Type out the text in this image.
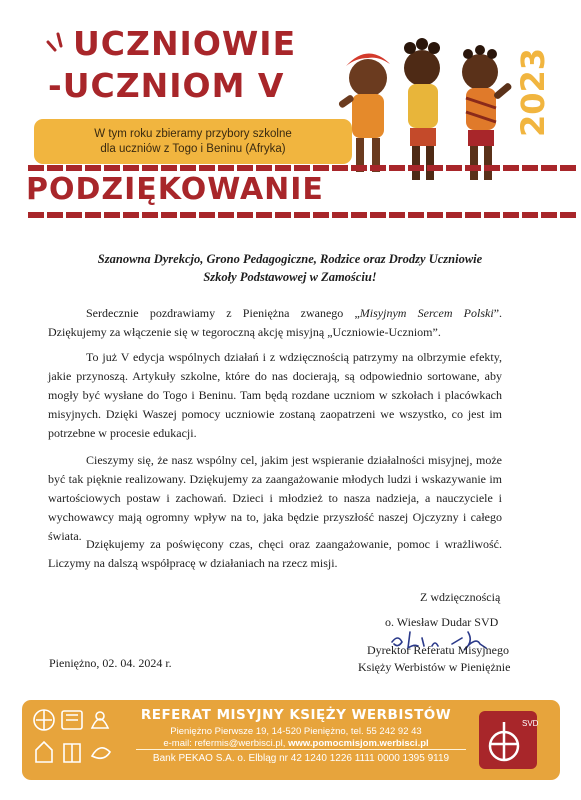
UCZNIOWIE
-UCZNIOM V
W tym roku zbieramy przybory szkolne
dla uczniów z Togo i Beninu (Afryka)
2023
PODZIĘKOWANIE
Szanowna Dyrekcjo, Grono Pedagogiczne, Rodzice oraz Drodzy Uczniowie
Szkoły Podstawowej w Zamościu!

Serdecznie pozdrawiamy z Pieniężna zwanego „Misyjnym Sercem Polski”. Dziękujemy za włączenie się w tegoroczną akcję misyjną „Uczniowie-Uczniom”.

To już V edycja wspólnych działań i z wdzięcznością patrzymy na olbrzymie efekty, jakie przynoszą. Artykuły szkolne, które do nas docierają, są odpowiednio sortowane, aby mogły być wysłane do Togo i Beninu. Tam będą rozdane uczniom w szkołach i placówkach misyjnych. Dzięki Waszej pomocy uczniowie zostaną zaopatrzeni we wszystko, co jest im potrzebne w procesie edukacji.

Cieszymy się, że nasz wspólny cel, jakim jest wspieranie działalności misyjnej, może być tak pięknie realizowany. Dziękujemy za zaangażowanie młodych ludzi i wskazywanie im wartościowych postaw i zachowań. Dzieci i młodzież to nasza nadzieja, a nauczyciele i wychowawcy mają ogromny wpływ na to, jaka będzie przyszłość naszej Ojczyzny i całego świata.

Dziękujemy za poświęcony czas, chęci oraz zaangażowanie, pomoc i wrażliwość. Liczymy na dalszą współpracę w działaniach na rzecz misji.

Z wdzięcznością
o. Wiesław Dudar SVD
Dyrektor Referatu Misyjnego
Księży Werbistów w Pieniężnie
Pieniężno, 02. 04. 2024 r.
REFERAT MISYJNY KSIĘŻY WERBISTÓW
Pieniężno Pierwsze 19, 14-520 Pieniężno, tel. 55 242 92 43
e-mail: refermis@werbisci.pl, www.pomocmisjom.werbisci.pl
Bank PEKAO S.A. o. Elbląg nr 42 1240 1226 1111 0000 1395 9119
SVD
